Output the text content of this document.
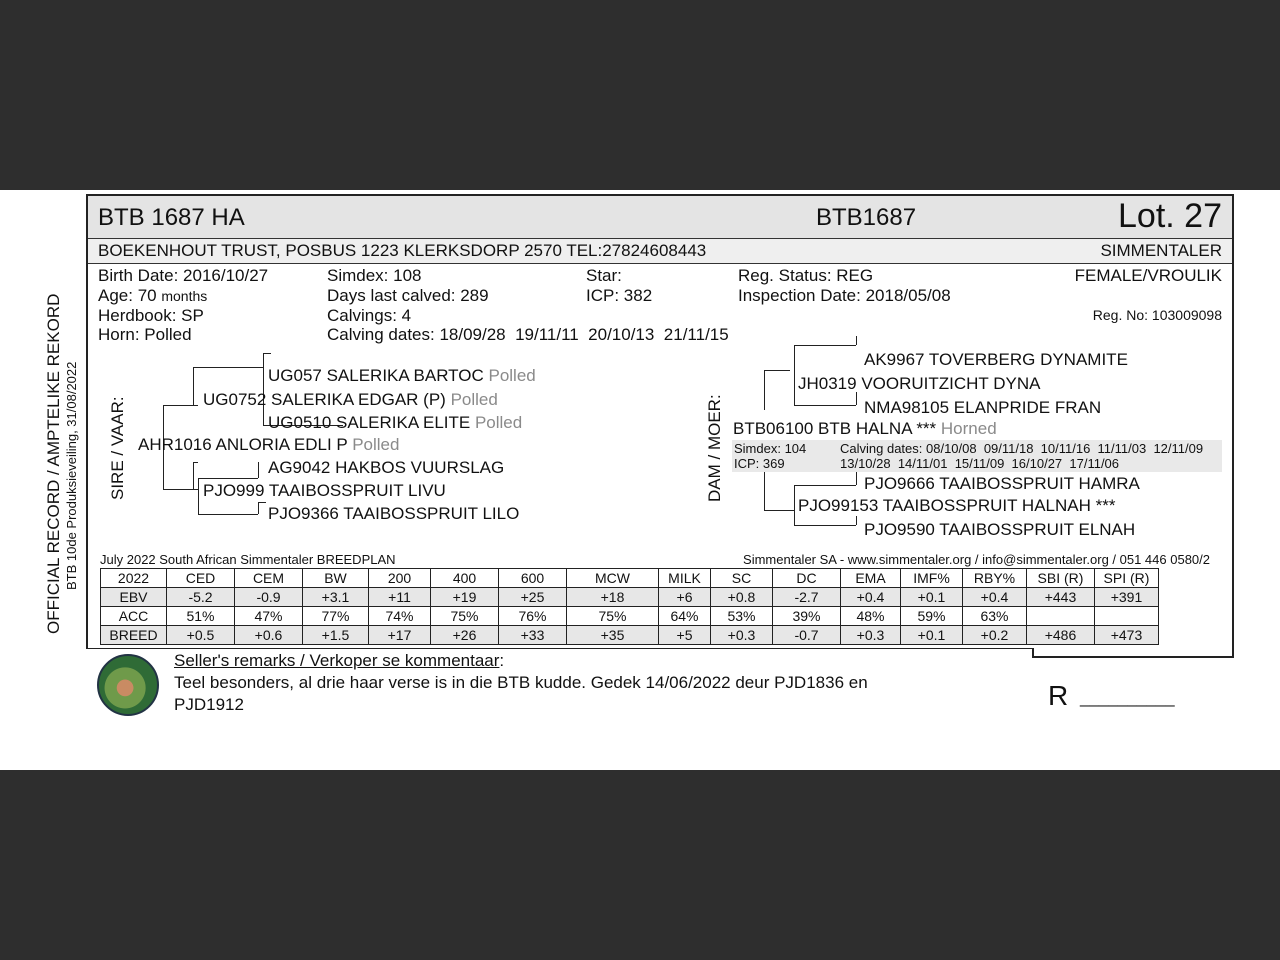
OFFICIAL RECORD / AMPTELIKE REKORD BTB 10de Produksieveiling, 31/08/2022
BTB 1687 HA	BTB1687	Lot. 27
BOEKENHOUT TRUST, POSBUS 1223 KLERKSDORP 2570 TEL:27824608443	SIMMENTALER
Birth Date: 2016/10/27
Age: 70 months
Herdbook: SP
Horn: Polled
Simdex: 108
Days last calved: 289
Calvings: 4
Calving dates: 18/09/28  19/11/11  20/10/13  21/11/15
Star:
ICP: 382
Reg. Status: REG
Inspection Date: 2018/05/08
FEMALE/VROULIK
Reg. No: 103009098
SIRE / VAAR:
UG057 SALERIKA BARTOC Polled
UG0752 SALERIKA EDGAR (P) Polled
UG0510 SALERIKA ELITE Polled
AHR1016 ANLORIA EDLI P Polled
AG9042 HAKBOS VUURSLAG
PJO999 TAAIBOSSPRUIT LIVU
PJO9366 TAAIBOSSPRUIT LILO
DAM / MOER:
AK9967 TOVERBERG DYNAMITE
JH0319 VOORUITZICHT DYNA
NMA98105 ELANPRIDE FRAN
BTB06100 BTB HALNA *** Horned
Simdex: 104
ICP: 369
Calving dates: 08/10/08  09/11/18  10/11/16  11/11/03  12/11/09
13/10/28  14/11/01  15/11/09  16/10/27  17/11/06
PJO9666 TAAIBOSSPRUIT HAMRA
PJO99153 TAAIBOSSPRUIT HALNAH ***
PJO9590 TAAIBOSSPRUIT ELNAH
July 2022 South African Simmentaler BREEDPLAN	Simmentaler SA - www.simmentaler.org / info@simmentaler.org / 051 446 0580/2
2022	CED	CEM	BW	200	400	600	MCW	MILK	SC	DC	EMA	IMF%	RBY%	SBI (R)	SPI (R)
EBV	-5.2	-0.9	+3.1	+11	+19	+25	+18	+6	+0.8	-2.7	+0.4	+0.1	+0.4	+443	+391
ACC	51%	47%	77%	74%	75%	76%	75%	64%	53%	39%	48%	59%	63%		
BREED	+0.5	+0.6	+1.5	+17	+26	+33	+35	+5	+0.3	-0.7	+0.3	+0.1	+0.2	+486	+473
Seller's remarks / Verkoper se kommentaar:
Teel besonders, al drie haar verse is in die BTB kudde. Gedek 14/06/2022 deur PJD1836 en
PJD1912	R __________
